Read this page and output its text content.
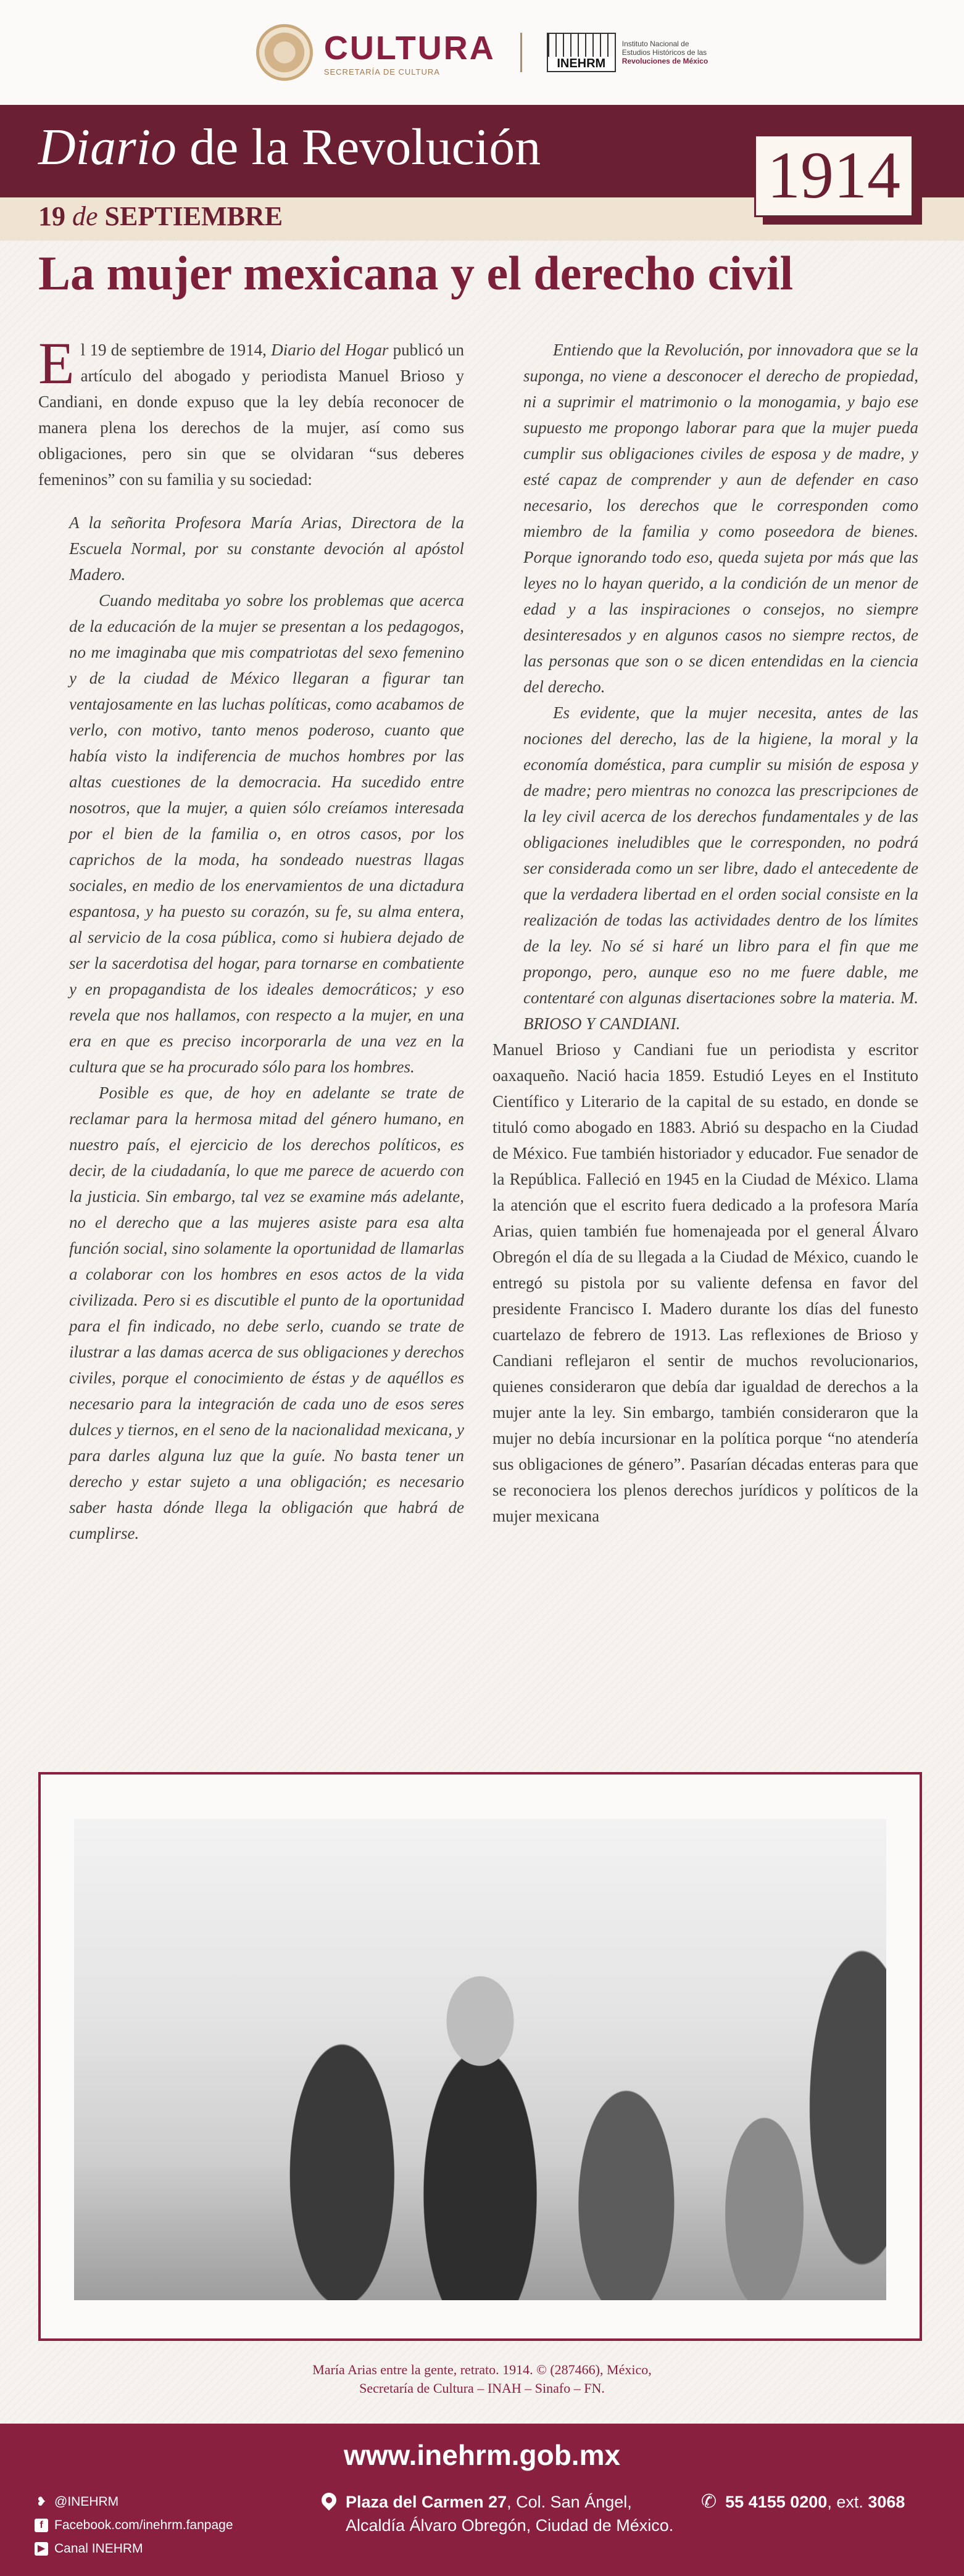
CULTURA
SECRETARÍA DE CULTURA
INEHRM
Instituto Nacional de
Estudios Históricos de las
Revoluciones de México
Diario de la Revolución
19 de SEPTIEMBRE
1914
La mujer mexicana y el derecho civil

El 19 de septiembre de 1914, Diario del Hogar publicó un artículo del abogado y periodista Manuel Brioso y Candiani, en donde expuso que la ley debía reconocer de manera plena los derechos de la mujer, así como sus obligaciones, pero sin que se olvidaran “sus deberes femeninos” con su familia y su sociedad:

A la señorita Profesora María Arias, Directora de la Escuela Normal, por su constante devoción al apóstol Madero.

Cuando meditaba yo sobre los problemas que acerca de la educación de la mujer se presentan a los pedagogos, no me imaginaba que mis compatriotas del sexo femenino y de la ciudad de México llegaran a figurar tan ventajosamente en las luchas políticas, como acabamos de verlo, con motivo, tanto menos poderoso, cuanto que había visto la indiferencia de muchos hombres por las altas cuestiones de la democracia. Ha sucedido entre nosotros, que la mujer, a quien sólo creíamos interesada por el bien de la familia o, en otros casos, por los caprichos de la moda, ha sondeado nuestras llagas sociales, en medio de los enervamientos de una dictadura espantosa, y ha puesto su corazón, su fe, su alma entera, al servicio de la cosa pública, como si hubiera dejado de ser la sacerdotisa del hogar, para tornarse en combatiente y en propagandista de los ideales democráticos; y eso revela que nos hallamos, con respecto a la mujer, en una era en que es preciso incorporarla de una vez en la cultura que se ha procurado sólo para los hombres.

Posible es que, de hoy en adelante se trate de reclamar para la hermosa mitad del género humano, en nuestro país, el ejercicio de los derechos políticos, es decir, de la ciudadanía, lo que me parece de acuerdo con la justicia. Sin embargo, tal vez se examine más adelante, no el derecho que a las mujeres asiste para esa alta función social, sino solamente la oportunidad de llamarlas a colaborar con los hombres en esos actos de la vida civilizada. Pero si es discutible el punto de la oportunidad para el fin indicado, no debe serlo, cuando se trate de ilustrar a las damas acerca de sus obligaciones y derechos civiles, porque el conocimiento de éstas y de aquéllos es necesario para la integración de cada uno de esos seres dulces y tiernos, en el seno de la nacionalidad mexicana, y para darles alguna luz que la guíe. No basta tener un derecho y estar sujeto a una obligación; es necesario saber hasta dónde llega la obligación que habrá de cumplirse.

Entiendo que la Revolución, por innovadora que se la suponga, no viene a desconocer el derecho de propiedad, ni a suprimir el matrimonio o la monogamia, y bajo ese supuesto me propongo laborar para que la mujer pueda cumplir sus obligaciones civiles de esposa y de madre, y esté capaz de comprender y aun de defender en caso necesario, los derechos que le corresponden como miembro de la familia y como poseedora de bienes. Porque ignorando todo eso, queda sujeta por más que las leyes no lo hayan querido, a la condición de un menor de edad y a las inspiraciones o consejos, no siempre desinteresados y en algunos casos no siempre rectos, de las personas que son o se dicen entendidas en la ciencia del derecho.

Es evidente, que la mujer necesita, antes de las nociones del derecho, las de la higiene, la moral y la economía doméstica, para cumplir su misión de esposa y de madre; pero mientras no conozca las prescripciones de la ley civil acerca de los derechos fundamentales y de las obligaciones ineludibles que le corresponden, no podrá ser considerada como un ser libre, dado el antecedente de que la verdadera libertad en el orden social consiste en la realización de todas las actividades dentro de los límites de la ley. No sé si haré un libro para el fin que me propongo, pero, aunque eso no me fuere dable, me contentaré con algunas disertaciones sobre la materia. M. BRIOSO Y CANDIANI.

Manuel Brioso y Candiani fue un periodista y escritor oaxaqueño. Nació hacia 1859. Estudió Leyes en el Instituto Científico y Literario de la capital de su estado, en donde se tituló como abogado en 1883. Abrió su despacho en la Ciudad de México. Fue también historiador y educador. Fue senador de la República. Falleció en 1945 en la Ciudad de México. Llama la atención que el escrito fuera dedicado a la profesora María Arias, quien también fue homenajeada por el general Álvaro Obregón el día de su llegada a la Ciudad de México, cuando le entregó su pistola por su valiente defensa en favor del presidente Francisco I. Madero durante los días del funesto cuartelazo de febrero de 1913. Las reflexiones de Brioso y Candiani reflejaron el sentir de muchos revolucionarios, quienes consideraron que debía dar igualdad de derechos a la mujer ante la ley. Sin embargo, también consideraron que la mujer no debía incursionar en la política porque “no atendería sus obligaciones de género”. Pasarían décadas enteras para que se reconociera los plenos derechos jurídicos y políticos de la mujer mexicana

María Arias entre la gente, retrato. 1914. © (287466), México,
Secretaría de Cultura – INAH – Sinafo – FN.
www.inehrm.gob.mx
❥ @INEHRM
f Facebook.com/inehrm.fanpage
▶ Canal INEHRM
Plaza del Carmen 27, Col. San Ángel,
Alcaldía Álvaro Obregón, Ciudad de México.
✆ 55 4155 0200, ext. 3068
